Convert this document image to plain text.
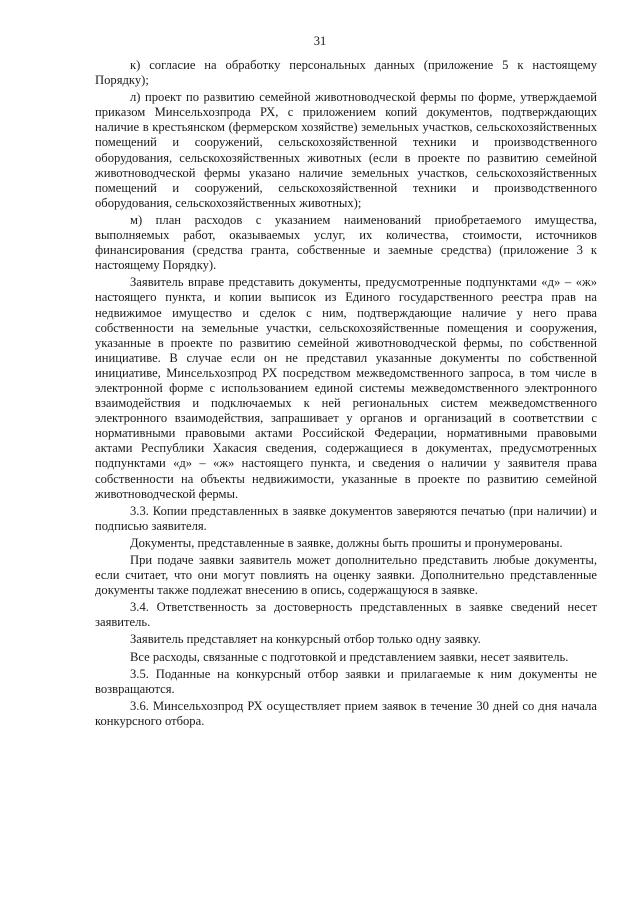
31

к) согласие на обработку персональных данных (приложение 5 к настоящему Порядку);

л) проект по развитию семейной животноводческой фермы по форме, утверждаемой приказом Минсельхозпрода РХ, с приложением копий документов, подтверждающих наличие в крестьянском (фермерском хозяйстве) земельных участков, сельскохозяйственных помещений и сооружений, сельскохозяйственной техники и производственного оборудования, сельскохозяйственных животных (если в проекте по развитию семейной животноводческой фермы указано наличие земельных участков, сельскохозяйственных помещений и сооружений, сельскохозяйственной техники и производственного оборудования, сельскохозяйственных животных);

м) план расходов с указанием наименований приобретаемого имущества, выполняемых работ, оказываемых услуг, их количества, стоимости, источников финансирования (средства гранта, собственные и заемные средства) (приложение 3 к настоящему Порядку).

Заявитель вправе представить документы, предусмотренные подпунктами «д» – «ж» настоящего пункта, и копии выписок из Единого государственного реестра прав на недвижимое имущество и сделок с ним, подтверждающие наличие у него права собственности на земельные участки, сельскохозяйственные помещения и сооружения, указанные в проекте по развитию семейной животноводческой фермы, по собственной инициативе. В случае если он не представил указанные документы по собственной инициативе, Минсельхозпрод РХ посредством межведомственного запроса, в том числе в электронной форме с использованием единой системы межведомственного электронного взаимодействия и подключаемых к ней региональных систем межведомственного электронного взаимодействия, запрашивает у органов и организаций в соответствии с нормативными правовыми актами Российской Федерации, нормативными правовыми актами Республики Хакасия сведения, содержащиеся в документах, предусмотренных подпунктами «д» – «ж» настоящего пункта, и сведения о наличии у заявителя права собственности на объекты недвижимости, указанные в проекте по развитию семейной животноводческой фермы.

3.3. Копии представленных в заявке документов заверяются печатью (при наличии) и подписью заявителя.

Документы, представленные в заявке, должны быть прошиты и пронумерованы.

При подаче заявки заявитель может дополнительно представить любые документы, если считает, что они могут повлиять на оценку заявки. Дополнительно представленные документы также подлежат внесению в опись, содержащуюся в заявке.

3.4. Ответственность за достоверность представленных в заявке сведений несет заявитель.

Заявитель представляет на конкурсный отбор только одну заявку.

Все расходы, связанные с подготовкой и представлением заявки, несет заявитель.

3.5. Поданные на конкурсный отбор заявки и прилагаемые к ним документы не возвращаются.

3.6. Минсельхозпрод РХ осуществляет прием заявок в течение 30 дней со дня начала конкурсного отбора.
